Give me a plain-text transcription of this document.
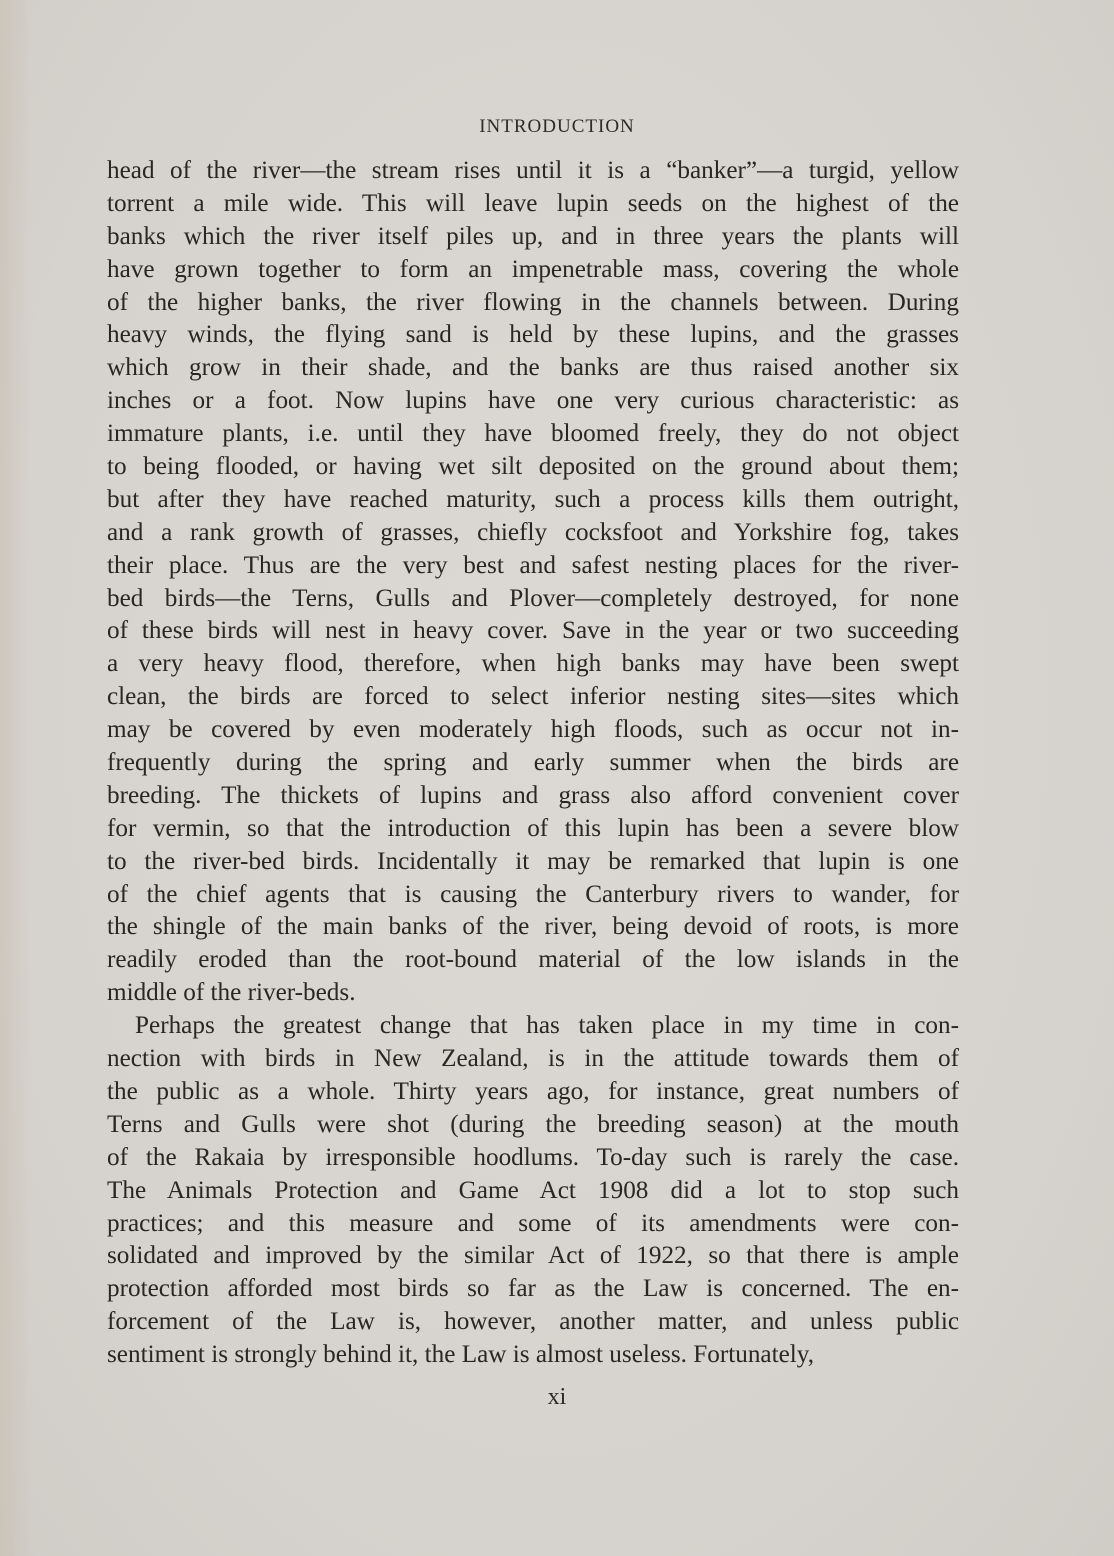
INTRODUCTION
head of the river—the stream rises until it is a “banker”—a turgid, yellow
torrent a mile wide. This will leave lupin seeds on the highest of the
banks which the river itself piles up, and in three years the plants will
have grown together to form an impenetrable mass, covering the whole
of the higher banks, the river flowing in the channels between. During
heavy winds, the flying sand is held by these lupins, and the grasses
which grow in their shade, and the banks are thus raised another six
inches or a foot. Now lupins have one very curious characteristic: as
immature plants, i.e. until they have bloomed freely, they do not object
to being flooded, or having wet silt deposited on the ground about them;
but after they have reached maturity, such a process kills them outright,
and a rank growth of grasses, chiefly cocksfoot and Yorkshire fog, takes
their place. Thus are the very best and safest nesting places for the river-
bed birds—the Terns, Gulls and Plover—completely destroyed, for none
of these birds will nest in heavy cover. Save in the year or two succeeding
a very heavy flood, therefore, when high banks may have been swept
clean, the birds are forced to select inferior nesting sites—sites which
may be covered by even moderately high floods, such as occur not in-
frequently during the spring and early summer when the birds are
breeding. The thickets of lupins and grass also afford convenient cover
for vermin, so that the introduction of this lupin has been a severe blow
to the river-bed birds. Incidentally it may be remarked that lupin is one
of the chief agents that is causing the Canterbury rivers to wander, for
the shingle of the main banks of the river, being devoid of roots, is more
readily eroded than the root-bound material of the low islands in the
middle of the river-beds.
Perhaps the greatest change that has taken place in my time in con-
nection with birds in New Zealand, is in the attitude towards them of
the public as a whole. Thirty years ago, for instance, great numbers of
Terns and Gulls were shot (during the breeding season) at the mouth
of the Rakaia by irresponsible hoodlums. To-day such is rarely the case.
The Animals Protection and Game Act 1908 did a lot to stop such
practices; and this measure and some of its amendments were con-
solidated and improved by the similar Act of 1922, so that there is ample
protection afforded most birds so far as the Law is concerned. The en-
forcement of the Law is, however, another matter, and unless public
sentiment is strongly behind it, the Law is almost useless. Fortunately,
xi
